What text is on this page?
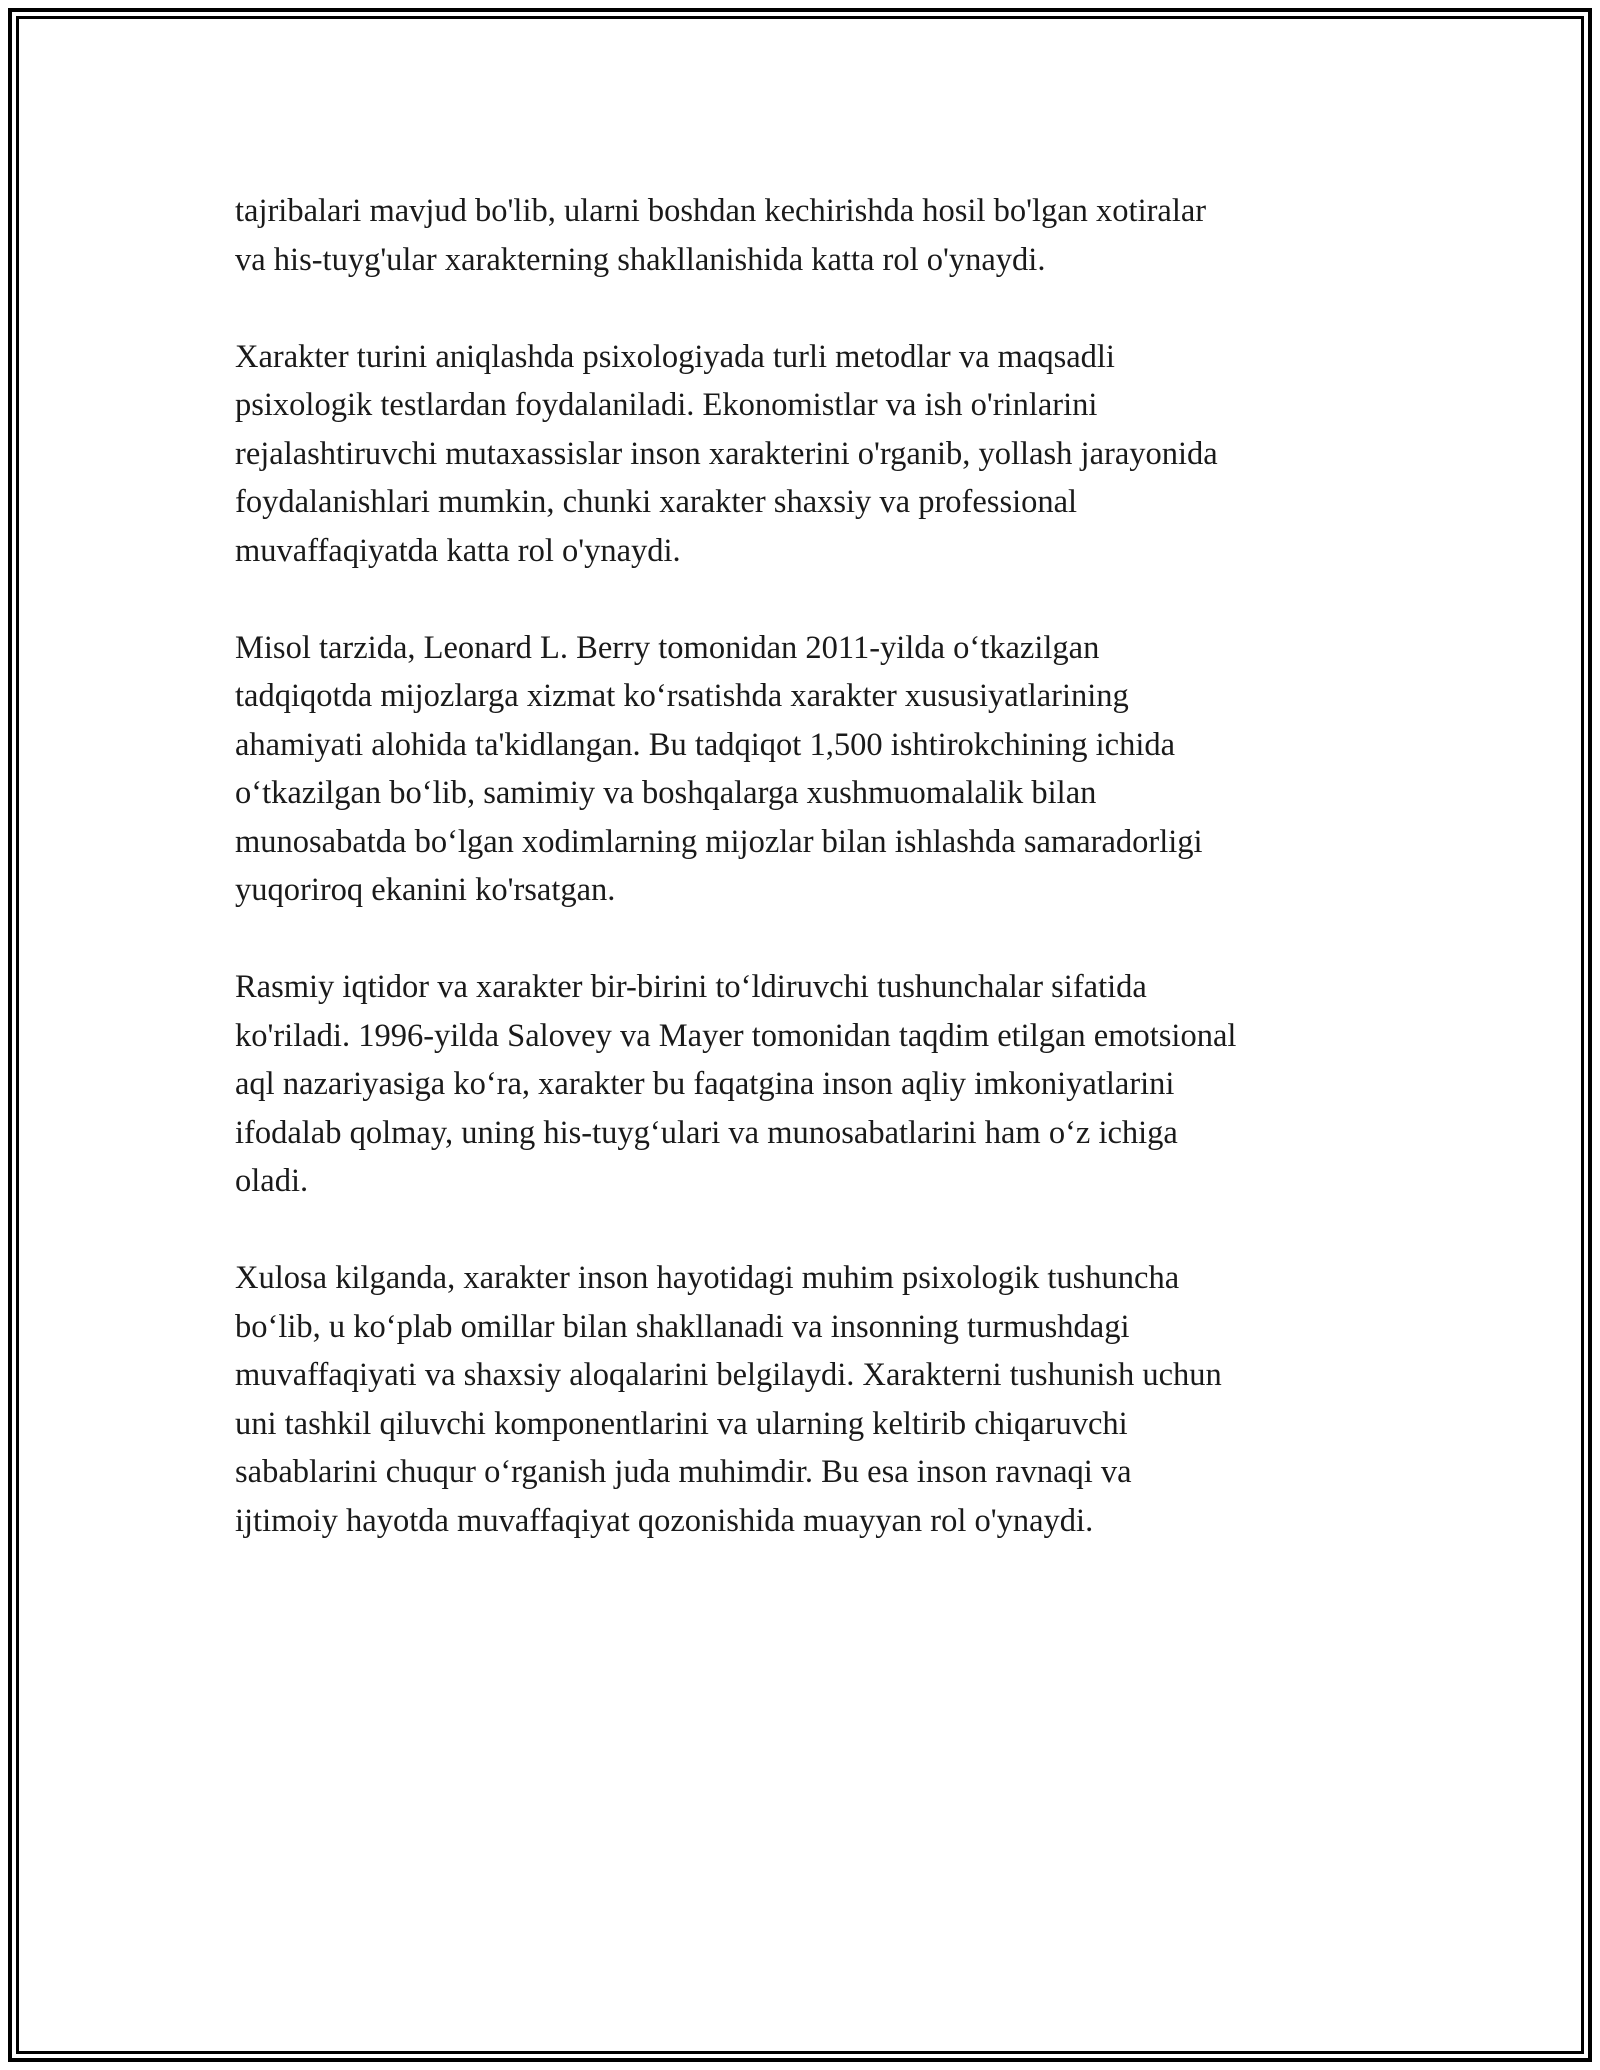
tajribalari mavjud bo'lib, ularni boshdan kechirishda hosil bo'lgan xotiralar
va his-tuyg'ular xarakterning shakllanishida katta rol o'ynaydi.

Xarakter turini aniqlashda psixologiyada turli metodlar va maqsadli
psixologik testlardan foydalaniladi. Ekonomistlar va ish o'rinlarini
rejalashtiruvchi mutaxassislar inson xarakterini o'rganib, yollash jarayonida
foydalanishlari mumkin, chunki xarakter shaxsiy va professional
muvaffaqiyatda katta rol o'ynaydi.

Misol tarzida, Leonard L. Berry tomonidan 2011-yilda o‘tkazilgan
tadqiqotda mijozlarga xizmat ko‘rsatishda xarakter xususiyatlarining
ahamiyati alohida ta'kidlangan. Bu tadqiqot 1,500 ishtirokchining ichida
o‘tkazilgan bo‘lib, samimiy va boshqalarga xushmuomalalik bilan
munosabatda bo‘lgan xodimlarning mijozlar bilan ishlashda samaradorligi
yuqoriroq ekanini ko'rsatgan.

Rasmiy iqtidor va xarakter bir-birini to‘ldiruvchi tushunchalar sifatida
ko'riladi. 1996-yilda Salovey va Mayer tomonidan taqdim etilgan emotsional
aql nazariyasiga ko‘ra, xarakter bu faqatgina inson aqliy imkoniyatlarini
ifodalab qolmay, uning his-tuyg‘ulari va munosabatlarini ham o‘z ichiga
oladi.

Xulosa kilganda, xarakter inson hayotidagi muhim psixologik tushuncha
bo‘lib, u ko‘plab omillar bilan shakllanadi va insonning turmushdagi
muvaffaqiyati va shaxsiy aloqalarini belgilaydi. Xarakterni tushunish uchun
uni tashkil qiluvchi komponentlarini va ularning keltirib chiqaruvchi
sabablarini chuqur o‘rganish juda muhimdir. Bu esa inson ravnaqi va
ijtimoiy hayotda muvaffaqiyat qozonishida muayyan rol o'ynaydi.
